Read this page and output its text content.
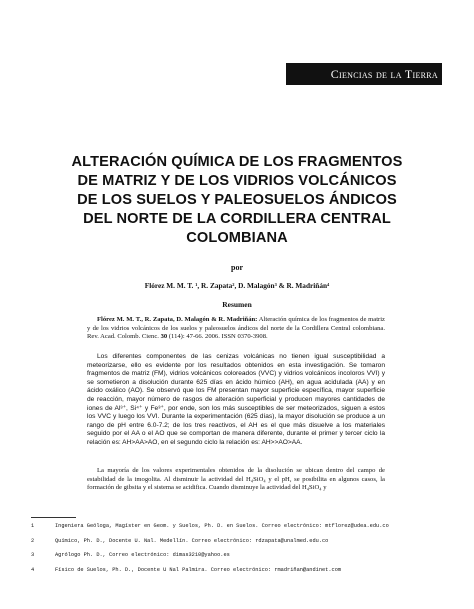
Ciencias de la Tierra
ALTERACIÓN QUÍMICA DE LOS FRAGMENTOS
DE MATRIZ Y DE LOS VIDRIOS VOLCÁNICOS
DE LOS SUELOS Y PALEOSUELOS ÁNDICOS
DEL NORTE DE LA CORDILLERA CENTRAL
COLOMBIANA
por
Flórez M. M. T. ¹, R. Zapata², D. Malagón³ & R. Madriñán⁴
Resumen
Flórez M. M. T., R. Zapata, D. Malagón & R. Madriñán: Alteración química de los fragmentos de matriz y de los vidrios volcánicos de los suelos y paleosuelos ándicos del norte de la Cordillera Central colombiana. Rev. Acad. Colomb. Cienc. 30 (114): 47-66. 2006. ISSN 0370-3908.
Los diferentes componentes de las cenizas volcánicas no tienen igual susceptibilidad a meteorizarse, ello es evidente por los resultados obtenidos en esta investigación. Se tomaron fragmentos de matriz (FM), vidrios volcánicos coloreados (VVC) y vidrios volcánicos incoloros VVI) y se sometieron a disolución durante 625 días en ácido húmico (AH), en agua acidulada (AA) y en ácido oxálico (AO). Se observó que los FM presentan mayor superficie específica, mayor superficie de reacción, mayor número de rasgos de alteración superficial y producen mayores cantidades de iones de Al³⁺, Si⁴⁺ y Fe³⁺, por ende, son los más susceptibles de ser meteorizados, siguen a estos los VVC y luego los VVI. Durante la experimentación (625 días), la mayor disolución se produce a un rango de pH entre 6.0-7.2; de los tres reactivos, el AH es el que más disuelve a los materiales seguido por el AA o el AO que se comportan de manera diferente, durante el primer y tercer ciclo la relación es: AH>AA>AO, en el segundo ciclo la relación es: AH>>AO>AA.
La mayoría de los valores experimentales obtenidos de la disolución se ubican dentro del campo de estabilidad de la imogolita. Al disminuir la actividad del H₄SiO₄ y el pH, se posibilita en algunos casos, la formación de gibsita y el sistema se acidifica. Cuando disminuye la actividad del H₄SiO₄ y
1	Ingeniera Geóloga, Magíster en Geom. y Suelos, Ph. D. en Suelos. Correo electrónico: mtflorez@udea.edu.co
2	Químico, Ph. D., Docente U. Nal. Medellín. Correo electrónico: rdzapata@unalmed.edu.co
3	Agrólogo Ph. D., Correo electrónico: dimas3210@yahoo.es
4	Físico de Suelos, Ph. D., Docente U Nal Palmira. Correo electrónico: rmadriñan@andinet.com
